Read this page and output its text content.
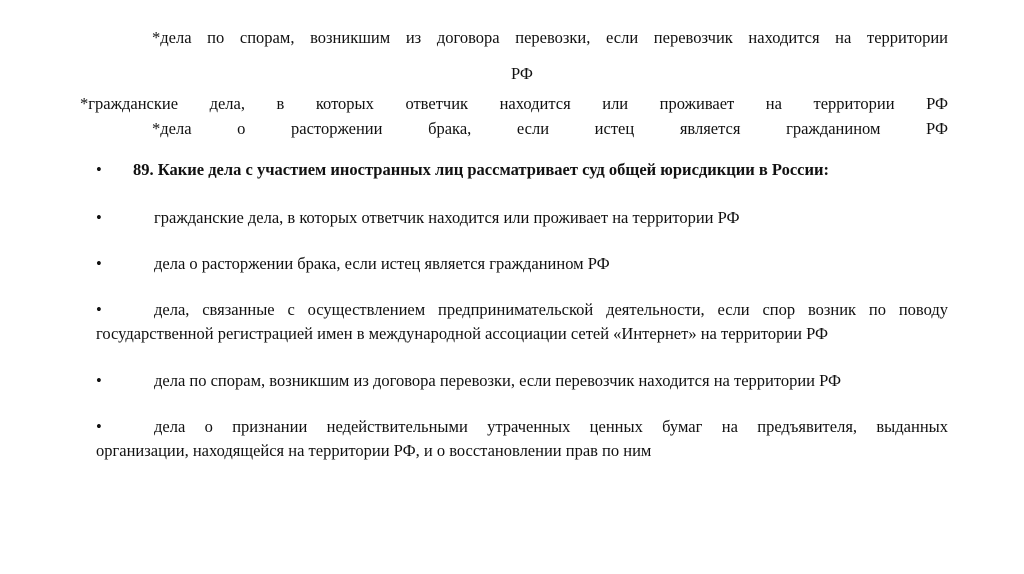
*дела по спорам, возникшим из договора перевозки, если перевозчик находится на территории
РФ
*гражданские дела, в которых ответчик находится или проживает на территории РФ
*дела о расторжении брака, если истец является гражданином РФ
• 89. Какие дела с участием иностранных лиц рассматривает суд общей юрисдикции в России:
•	гражданские дела, в которых ответчик находится или проживает на территории РФ
•	дела о расторжении брака, если истец является гражданином РФ
•	дела, связанные с осуществлением предпринимательской деятельности, если спор возник по поводу
государственной регистрацией имен в международной ассоциации сетей «Интернет» на территории РФ
•	дела по спорам, возникшим из договора перевозки, если перевозчик находится на территории РФ
•	дела о признании недействительными утраченных ценных бумаг на предъявителя, выданных
организации, находящейся на территории РФ, и о восстановлении прав по ним
